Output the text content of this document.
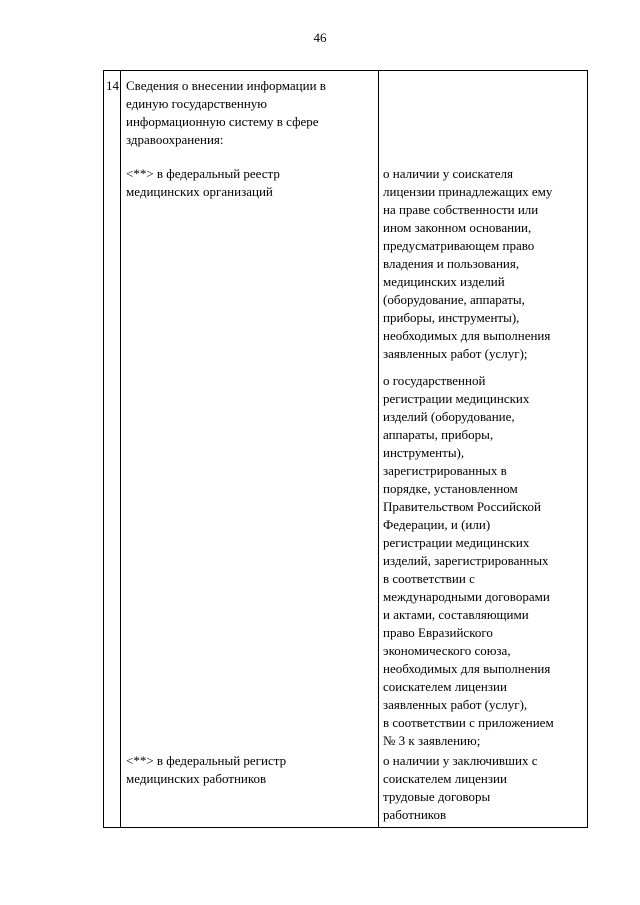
46
14 Сведения о внесении информации в
единую государственную
информационную систему в сфере
здравоохранения:
<**> в федеральный реестр
медицинских организаций
о наличии у соискателя
лицензии принадлежащих ему
на праве собственности или
ином законном основании,
предусматривающем право
владения и пользования,
медицинских изделий
(оборудование, аппараты,
приборы, инструменты),
необходимых для выполнения
заявленных работ (услуг);
о государственной
регистрации медицинских
изделий (оборудование,
аппараты, приборы,
инструменты),
зарегистрированных в
порядке, установленном
Правительством Российской
Федерации, и (или)
регистрации медицинских
изделий, зарегистрированных
в соответствии с
международными договорами
и актами, составляющими
право Евразийского
экономического союза,
необходимых для выполнения
соискателем лицензии
заявленных работ (услуг),
в соответствии с приложением
№ 3 к заявлению;
<**> в федеральный регистр
медицинских работников
о наличии у заключивших с
соискателем лицензии
трудовые договоры
работников
